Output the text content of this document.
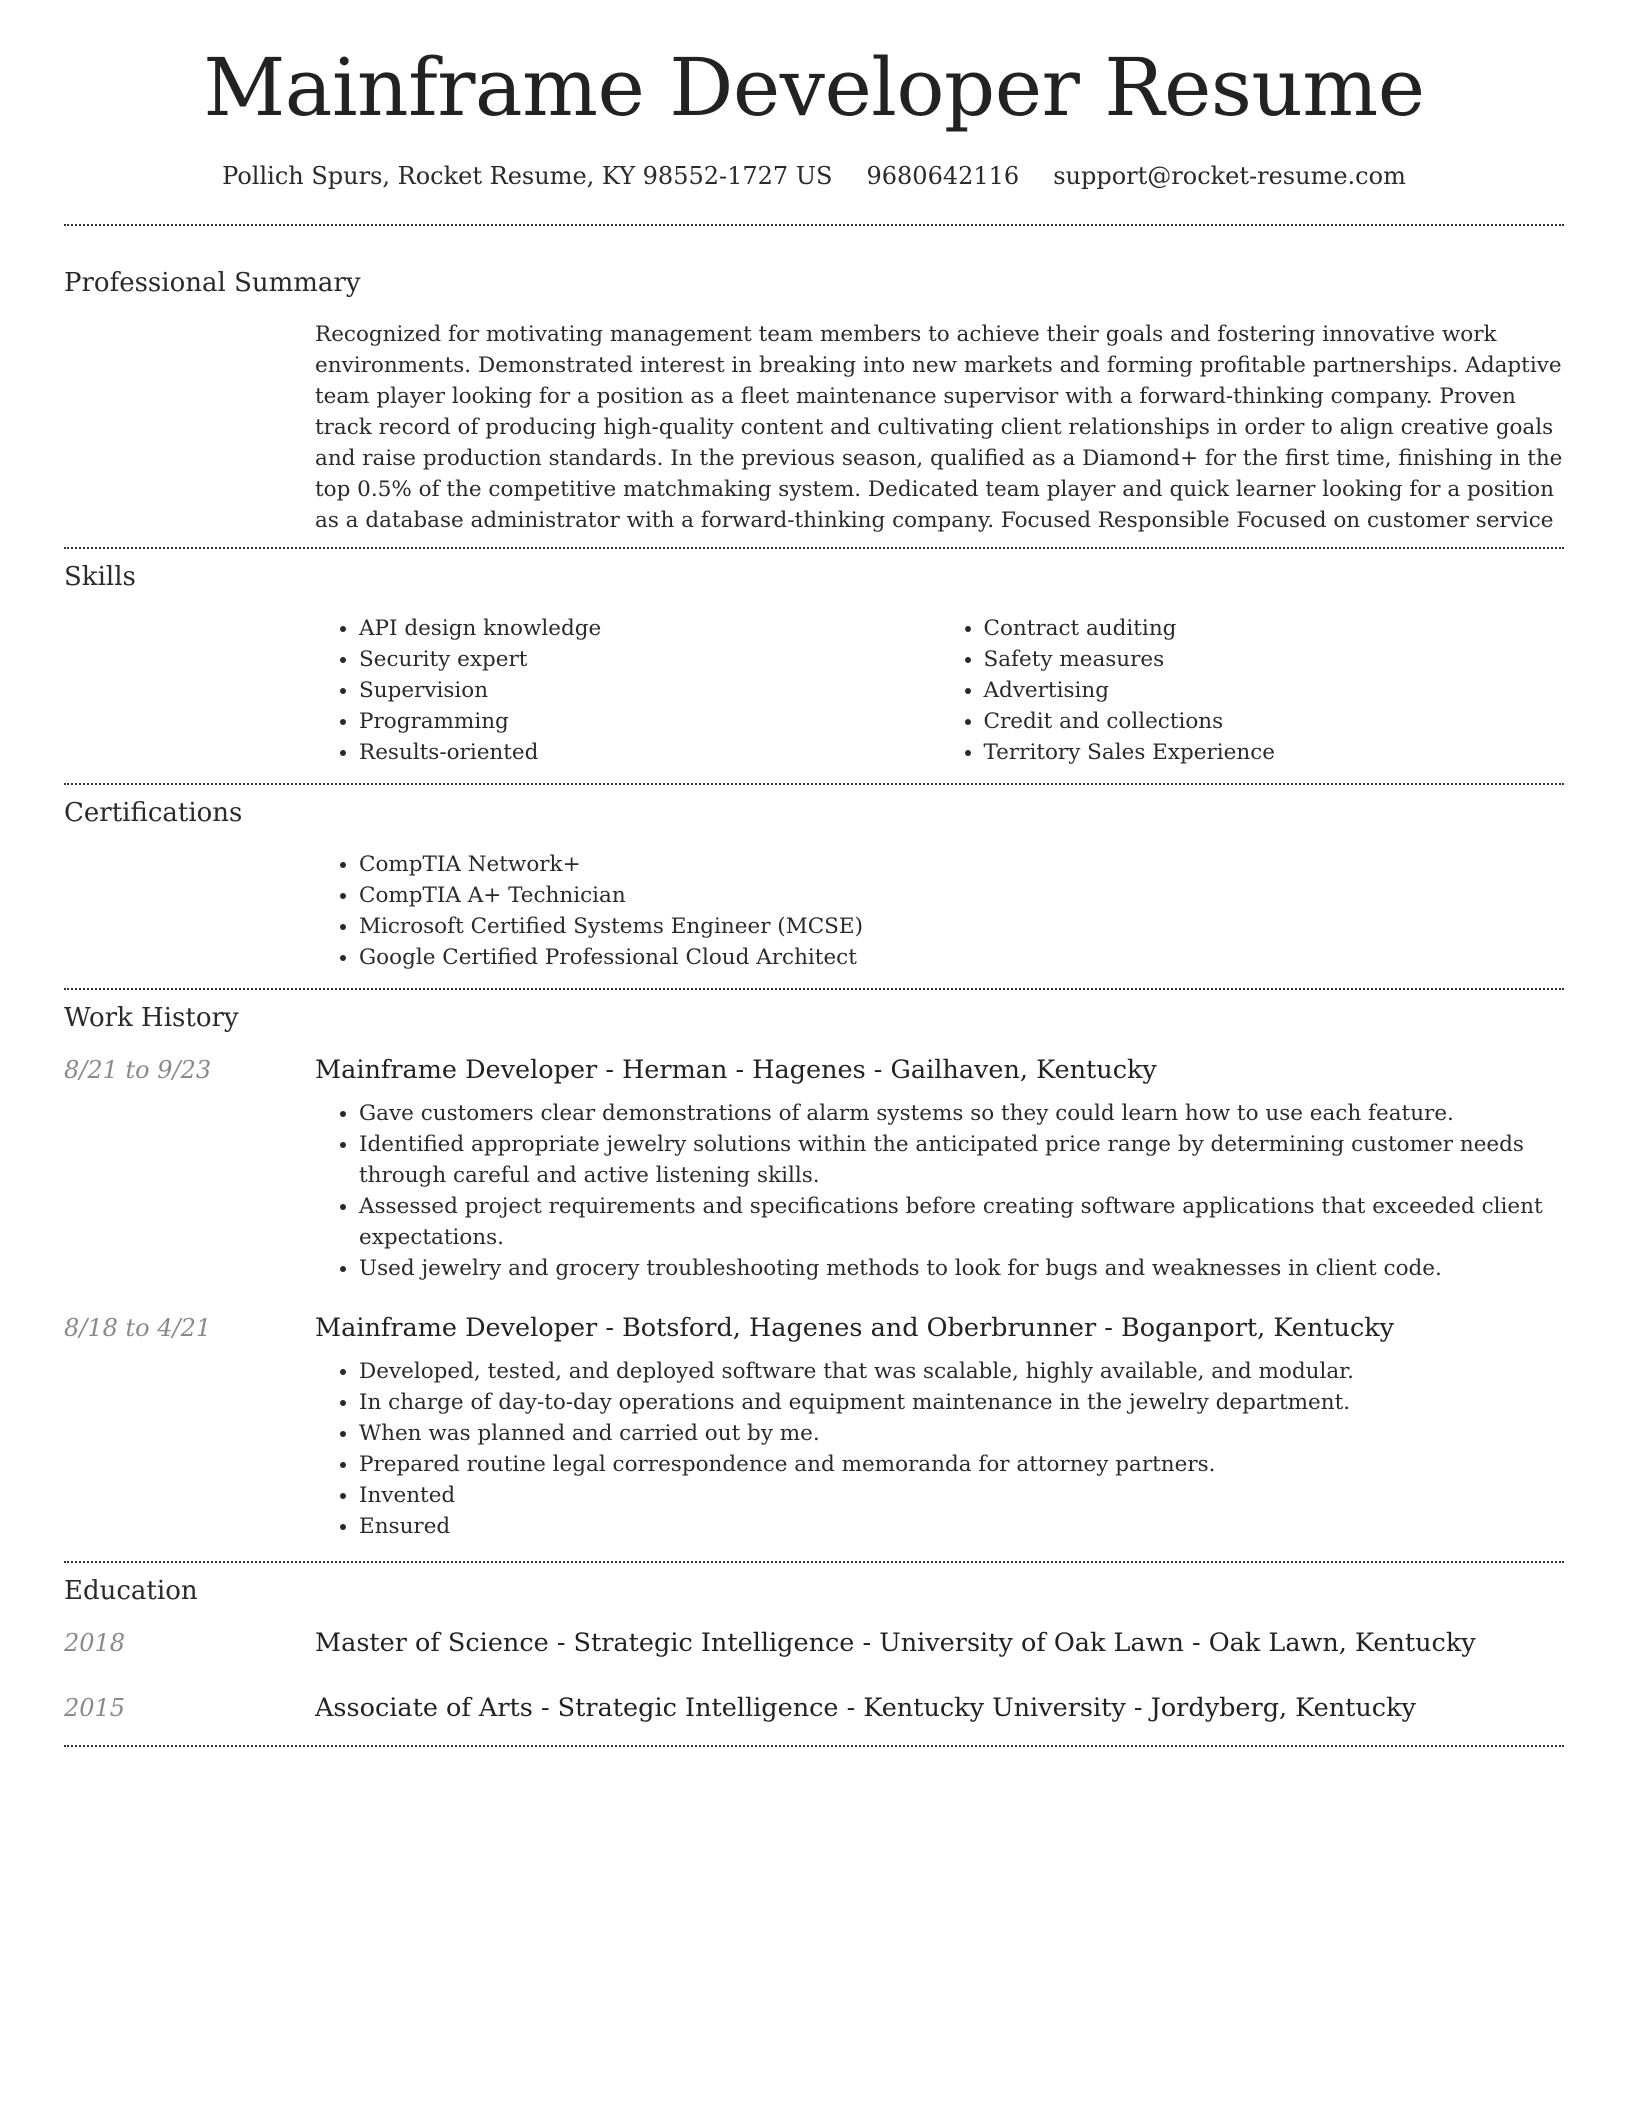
Mainframe Developer Resume
Pollich Spurs, Rocket Resume, KY 98552-1727 US 9680642116 support@rocket-resume.com
Professional Summary
Recognized for motivating management team members to achieve their goals and fostering innovative work environments. Demonstrated interest in breaking into new markets and forming profitable partnerships. Adaptive team player looking for a position as a fleet maintenance supervisor with a forward-thinking company. Proven track record of producing high-quality content and cultivating client relationships in order to align creative goals and raise production standards. In the previous season, qualified as a Diamond+ for the first time, finishing in the top 0.5% of the competitive matchmaking system. Dedicated team player and quick learner looking for a position as a database administrator with a forward-thinking company. Focused Responsible Focused on customer service
Skills
• API design knowledge
• Security expert
• Supervision
• Programming
• Results-oriented
• Contract auditing
• Safety measures
• Advertising
• Credit and collections
• Territory Sales Experience
Certifications
• CompTIA Network+
• CompTIA A+ Technician
• Microsoft Certified Systems Engineer (MCSE)
• Google Certified Professional Cloud Architect
Work History
8/21 to 9/23	Mainframe Developer - Herman - Hagenes - Gailhaven, Kentucky
• Gave customers clear demonstrations of alarm systems so they could learn how to use each feature.
• Identified appropriate jewelry solutions within the anticipated price range by determining customer needs through careful and active listening skills.
• Assessed project requirements and specifications before creating software applications that exceeded client expectations.
• Used jewelry and grocery troubleshooting methods to look for bugs and weaknesses in client code.
8/18 to 4/21	Mainframe Developer - Botsford, Hagenes and Oberbrunner - Boganport, Kentucky
• Developed, tested, and deployed software that was scalable, highly available, and modular.
• In charge of day-to-day operations and equipment maintenance in the jewelry department.
• When was planned and carried out by me.
• Prepared routine legal correspondence and memoranda for attorney partners.
• Invented
• Ensured
Education
2018	Master of Science - Strategic Intelligence - University of Oak Lawn - Oak Lawn, Kentucky
2015	Associate of Arts - Strategic Intelligence - Kentucky University - Jordyberg, Kentucky
